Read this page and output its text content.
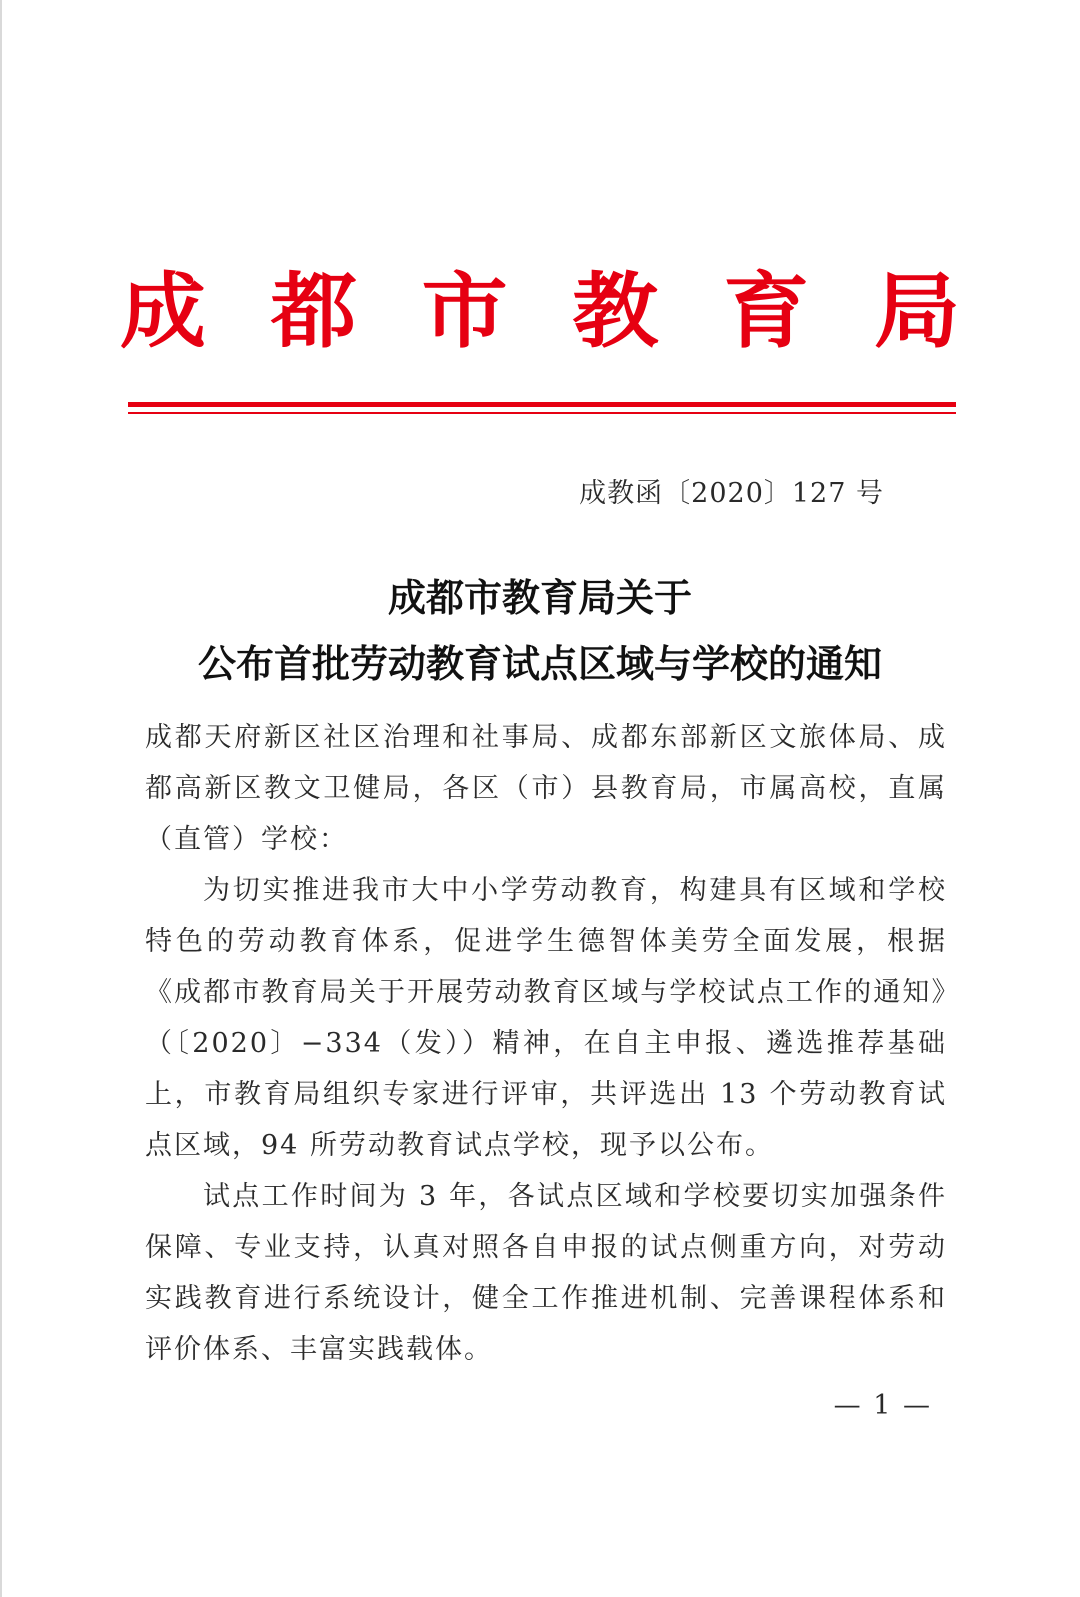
成 都 市 教 育 局
成教函〔2020〕127 号
成都市教育局关于
公布首批劳动教育试点区域与学校的通知

成都天府新区社区治理和社事局、成都东部新区文旅体局、成都高新区教文卫健局，各区（市）县教育局，市属高校，直属（直管）学校：

为切实推进我市大中小学劳动教育，构建具有区域和学校特色的劳动教育体系，促进学生德智体美劳全面发展，根据《成都市教育局关于开展劳动教育区域与学校试点工作的通知》（〔2020〕−334（发））精神，在自主申报、遴选推荐基础上，市教育局组织专家进行评审，共评选出 13 个劳动教育试点区域，94 所劳动教育试点学校，现予以公布。

试点工作时间为 3 年，各试点区域和学校要切实加强条件保障、专业支持，认真对照各自申报的试点侧重方向，对劳动实践教育进行系统设计，健全工作推进机制、完善课程体系和评价体系、丰富实践载体。

— 1 —
